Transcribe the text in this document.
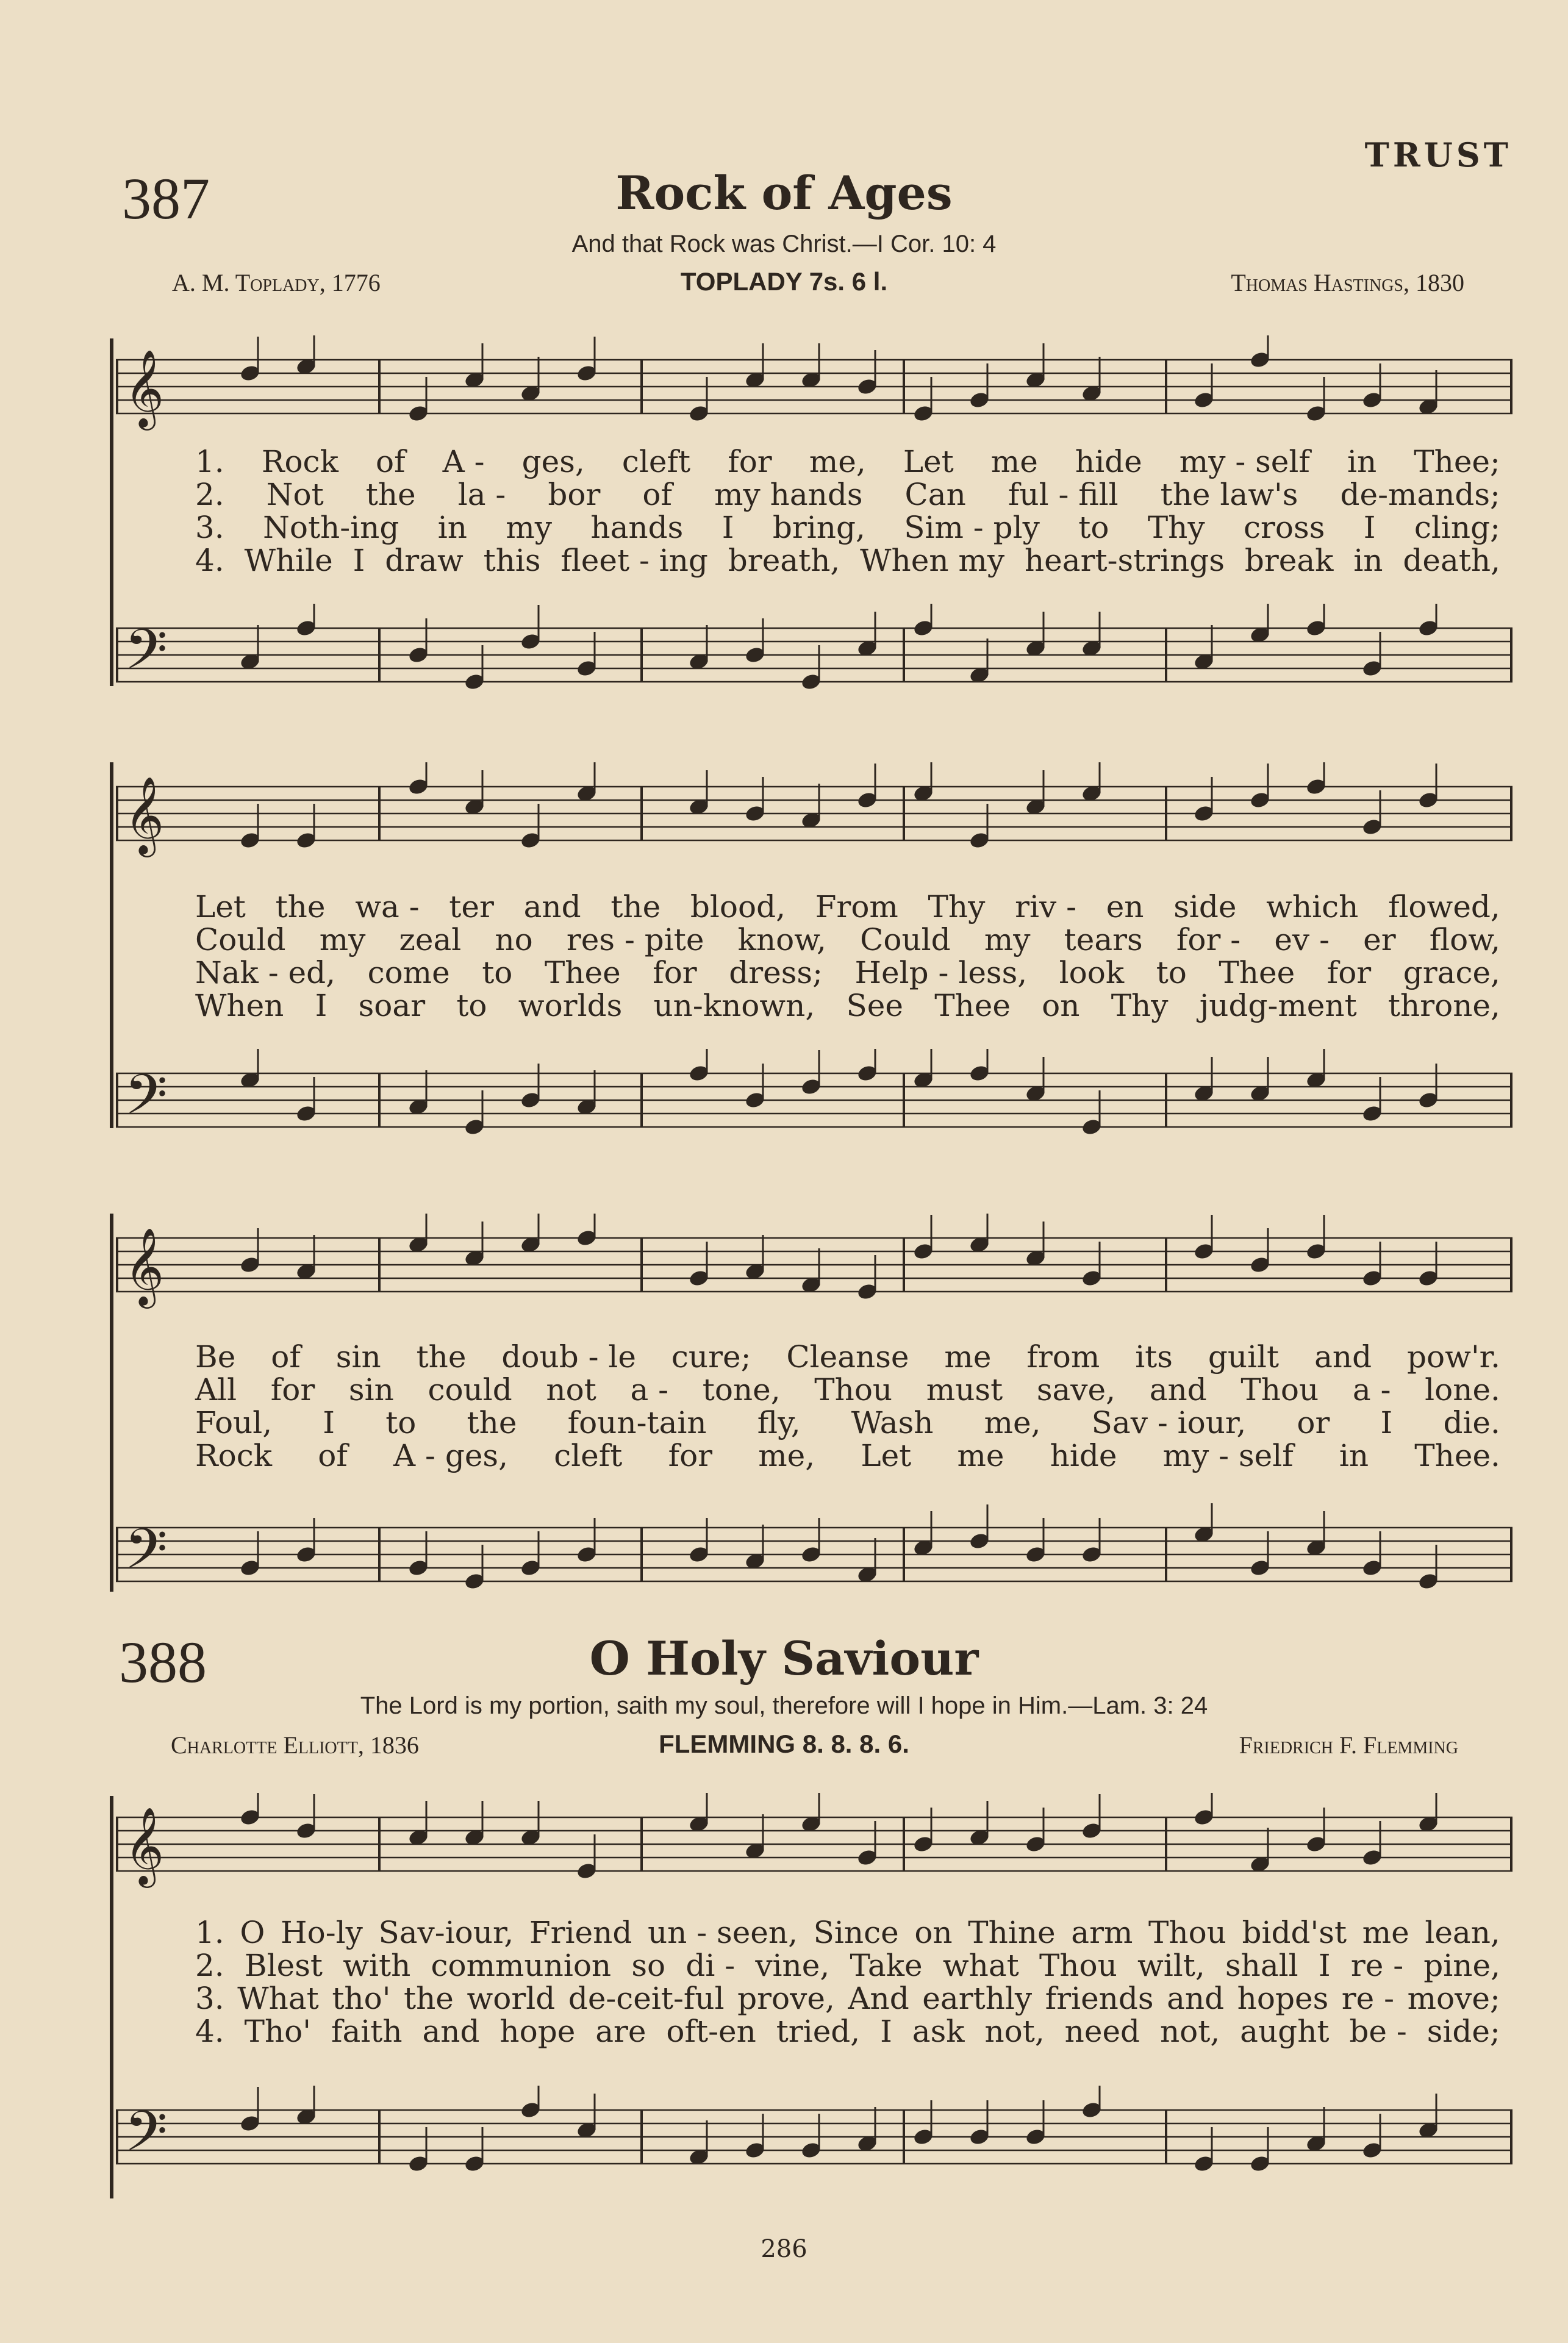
TRUST
387	Rock of Ages
And that Rock was Christ.—I Cor. 10: 4
A. M. Toplady, 1776	TOPLADY 7s. 6 l.	Thomas Hastings, 1830
𝄞
𝄢
1. Rock of A - ges, cleft for me, Let me hide my - self in Thee;
2. Not the la - bor of my hands Can ful - fill the law's de-mands;
3. Noth-ing in my hands I bring, Sim - ply to Thy cross I cling;
4. While I draw this fleet - ing breath, When my heart-strings break in death,
𝄞
𝄢
Let the wa - ter and the blood, From Thy riv - en side which flowed,
Could my zeal no res - pite know, Could my tears for - ev - er flow,
Nak - ed, come to Thee for dress; Help - less, look to Thee for grace,
When I soar to worlds un-known, See Thee on Thy judg-ment throne,
𝄞
𝄢
Be of sin the doub - le cure; Cleanse me from its guilt and pow'r.
All for sin could not a - tone, Thou must save, and Thou a - lone.
Foul, I to the foun-tain fly, Wash me, Sav - iour, or I die.
Rock of A - ges, cleft for me, Let me hide my - self in Thee.
388	O Holy Saviour
The Lord is my portion, saith my soul, therefore will I hope in Him.—Lam. 3: 24
Charlotte Elliott, 1836	FLEMMING 8. 8. 8. 6.	Friedrich F. Flemming
𝄞
𝄢
1. O Ho-ly Sav-iour, Friend un - seen, Since on Thine arm Thou bidd'st me lean,
2. Blest with communion so di - vine, Take what Thou wilt, shall I re - pine,
3. What tho' the world de-ceit-ful prove, And earthly friends and hopes re - move;
4. Tho' faith and hope are oft-en tried, I ask not, need not, aught be - side;
286
